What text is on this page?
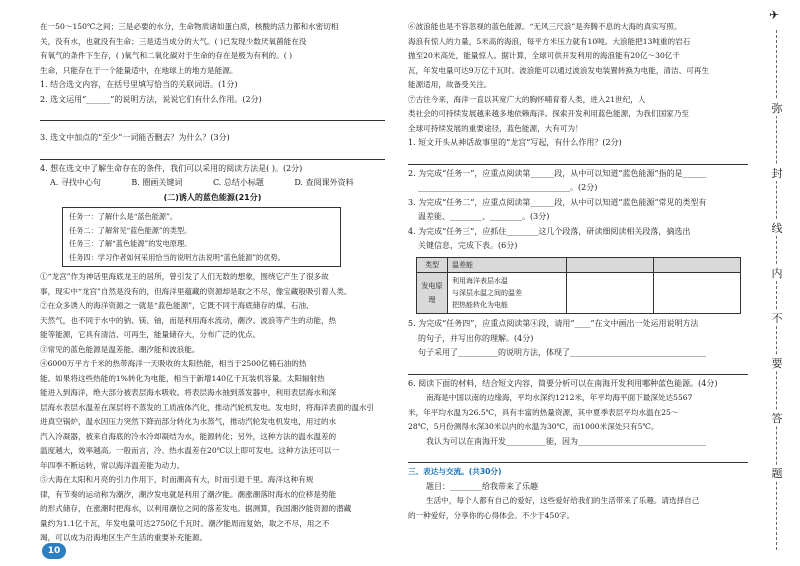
在一50～150℃之间；三是必要的水分，生命物质诸如蛋白质，核酸的活力都和水密切相

关，没有水，也就没有生命；三是适当成分的大气。( )已发现少数厌氧菌能在没

有氧气的条件下生存，( )氧气和二氧化碳对于生命的存在是极为有利的。( )

生命，只能存在于一个能量适中，在地球上的地方是能源。

1. 结合选文内容，在括号里填写恰当的关联词语。(1分)

2. 选文运用“______”的说明方法，说说它们有什么作用。(2分)

3. 选文中加点的“至少”一词能否删去？为什么？(3分)

4. 想在选文中了解生命存在的条件，我们可以采用的阅读方法是( )。(2分)

A. 寻找中心句	B. 圈画关键词	C. 总结小标题	D. 查阅课外资料

(二)诱人的蓝色能源(21分)

任务一：了解什么是“蓝色能源”。
任务二：了解常见“蓝色能源”的类型。
任务三：了解“蓝色能源”的发电原理。
任务四：学习作者如何采用恰当的说明方法说明“蓝色能源”的优势。

①“龙宫”作为神话里海底龙王的居所，曾引发了人们无数的想象，围绕它产生了很多故

事，现实中“龙宫”自然是没有的，但海洋里蕴藏的资源却是取之不尽，像宝藏般吸引着人类。

②在众多诱人的海洋资源之一就是“蓝色能源”，它既不同于海底储存的煤、石油、

天然气，也不同于水中的钠、镁、铀，而是利用海水流动，潮汐、波浪等产生的动能，热

能等能源，它具有清洁、可再生，能量储存大，分布广泛的优点。

③常见的蓝色能源是温差能、潮汐能和波浪能。

④6000万平方千米的热带海洋一天吸收的太阳热能，相当于2500亿桶石油的热

能。如果将这些热能的1%转化为电能，相当于新增140亿千瓦装机容量。太阳辐射热

能进入到海洋，绝大部分被表层海水吸收。将表层海水抽到蒸发器中，利用表层海水和深

层海水表层水温差在深层将不蒸发的工质液体汽化，推动汽轮机发电。发电时，将海洋表面的温水引

进真空锅炉，温水因压力突然下降而部分转化为水蒸气，推动汽轮发电机发电，用过的水

汽入冷凝器，被来自海底的冷水冷却凝结为水，能源转化；另外，这种方法的温水温差的

温度越大，效率越高。一般而言，冷、热水温差在20℃以上即可发电。这种方法还可以一

年四季不断运转，常以海洋温差能为动力。

⑤大海在太阳和月亮的引力作用下，时而潮高有大，时而引退千里。海洋这种有规

律，有节奏的运动称为潮汐，潮汐发电就是利用了潮汐能。潮涨潮落时海水的位移是势能

的形式储存，在涨潮时把海水，以利用潮位之间的落差发电。据测算，我国潮汐能资源的潜藏

量约为1.1亿千瓦，年发电量可达2750亿千瓦时。潮汐能周而复始，取之不尽，用之不

竭，可以成为沿海地区生产生活的重要补充能源。

⑥波浪能也是不容忽视的蓝色能源。“无风三尺浪”是奔腾不息的大海的真实写照。

海浪有惊人的力量，5米高的海浪，每平方米压力就有10吨。大浪能把13吨重的岩石

抛至20米高处，能量惊人。据计算，全球可供开发利用的海浪能有20亿～30亿千

瓦，年发电量可达9万亿千瓦时。波浪能可以通过波浪发电装置转换为电能，清洁、可再生

能源适用，故备受关注。

⑦古往今来，海洋一直以其宽广大的胸怀哺育着人类，进入21世纪，人

类社会的可持续发展越来越多地依赖海洋。探索开发利用蓝色能源，为我们国家乃至

全球可持续发展的重要途径，蓝色能源，大有可为！

1. 短文开头从神话故事里的“龙宫”写起，有什么作用？(2分)

2. 为完成“任务一”，应重点阅读第______段，从中可以知道“蓝色能源”指的是______

______________________________________。(2分)

3. 为完成“任务二”，应重点阅读第______段，从中可以知道“蓝色能源”常见的类型有

温差能、________、________。(3分)

4. 为完成“任务三”，应抓住________这几个段落，研读细阅读相关段落，摘选出

关键信息，完成下表。(6分)

类型	温差能		
发电原理	利用海洋表层水温
与深层水温之间的温差
把热能转化为电能		

5. 为完成“任务四”，应重点阅读第④段，请用“____”在文中画出一处运用说明方法

的句子，并写出你的理解。(4分)

句子采用了__________的说明方法，体现了__________________________________

6. 阅读下面的材料，结合短文内容，简要分析可以在南海开发利用哪种蓝色能源。(4分)

南海是中国以南的边缘海，平均水深约1212米，年平均海平面下最深处达5567

米，年平均水温为26.5℃，具有丰富的热量资源，其中夏季表层平均水温在25～

28℃，5月份测得水深30米以内的水温为30℃，而1000米深处只有5℃。

我认为可以在南海开发__________能，因为________________________________

三、表达与交流。(共30分)

题目：________给我带来了乐趣

生活中，每个人都有自己的爱好，这些爱好给我们的生活带来了乐趣。请选择自己

的一种爱好，分享你的心得体会。不少于450字。

✈
弥
封
线
内
不
要
答
题
10
